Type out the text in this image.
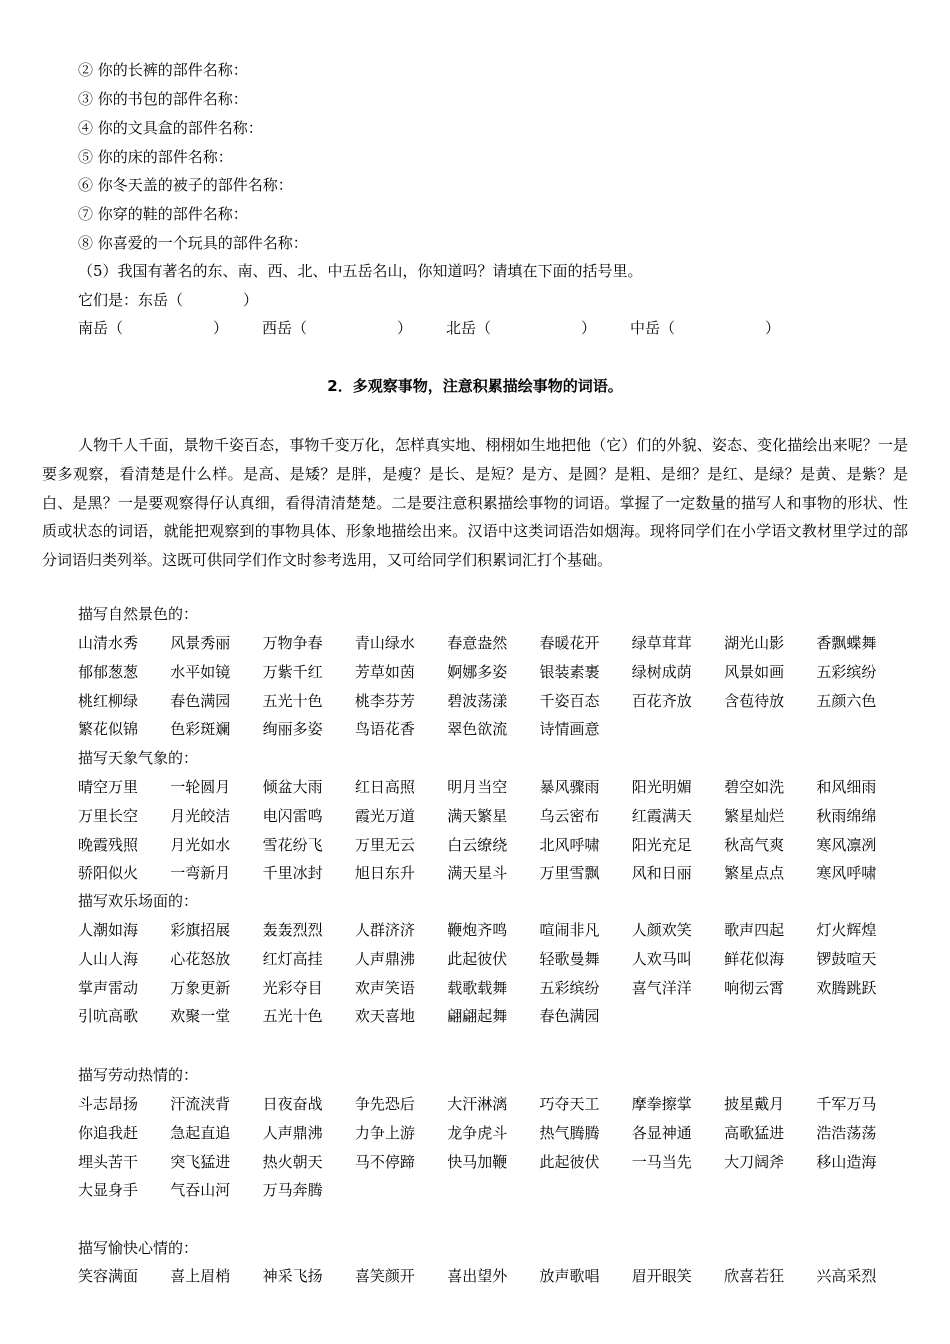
② 你的长裤的部件名称：
③ 你的书包的部件名称：
④ 你的文具盒的部件名称：
⑤ 你的床的部件名称：
⑥ 你冬天盖的被子的部件名称：
⑦ 你穿的鞋的部件名称：
⑧ 你喜爱的一个玩具的部件名称：
（5）我国有著名的东、南、西、北、中五岳名山，你知道吗？请填在下面的括号里。
它们是：东岳（　　　　）
南岳（　　　　　　） 西岳（　　　　　　） 北岳（　　　　　　） 中岳（　　　　　　）
2．多观察事物，注意积累描绘事物的词语。

人物千人千面，景物千姿百态，事物千变万化，怎样真实地、栩栩如生地把他（它）们的外貌、姿态、变化描绘出来呢？一是要多观察，看清楚是什么样。是高、是矮？是胖，是瘦？是长、是短？是方、是圆？是粗、是细？是红、是绿？是黄、是紫？是白、是黑？一是要观察得仔认真细，看得清清楚楚。二是要注意积累描绘事物的词语。掌握了一定数量的描写人和事物的形状、性质或状态的词语，就能把观察到的事物具体、形象地描绘出来。汉语中这类词语浩如烟海。现将同学们在小学语文教材里学过的部分词语归类列举。这既可供同学们作文时参考选用，又可给同学们积累词汇打个基础。

描写自然景色的：
山清水秀 风景秀丽 万物争春 青山绿水 春意盎然 春暖花开 绿草茸茸 湖光山影 香飘蝶舞
郁郁葱葱 水平如镜 万紫千红 芳草如茵 婀娜多姿 银装素裹 绿树成荫 风景如画 五彩缤纷
桃红柳绿 春色满园 五光十色 桃李芬芳 碧波荡漾 千姿百态 百花齐放 含苞待放 五颜六色
繁花似锦 色彩斑斓 绚丽多姿 鸟语花香 翠色欲流 诗情画意
描写天象气象的：
晴空万里 一轮圆月 倾盆大雨 红日高照 明月当空 暴风骤雨 阳光明媚 碧空如洗 和风细雨
万里长空 月光皎洁 电闪雷鸣 霞光万道 满天繁星 乌云密布 红霞满天 繁星灿烂 秋雨绵绵
晚霞残照 月光如水 雪花纷飞 万里无云 白云缭绕 北风呼啸 阳光充足 秋高气爽 寒风凛冽
骄阳似火 一弯新月 千里冰封 旭日东升 满天星斗 万里雪飘 风和日丽 繁星点点 寒风呼啸
描写欢乐场面的：
人潮如海 彩旗招展 轰轰烈烈 人群济济 鞭炮齐鸣 喧闹非凡 人颜欢笑 歌声四起 灯火辉煌
人山人海 心花怒放 红灯高挂 人声鼎沸 此起彼伏 轻歌曼舞 人欢马叫 鲜花似海 锣鼓喧天
掌声雷动 万象更新 光彩夺目 欢声笑语 载歌载舞 五彩缤纷 喜气洋洋 响彻云霄 欢腾跳跃
引吭高歌 欢聚一堂 五光十色 欢天喜地 翩翩起舞 春色满园
描写劳动热情的：
斗志昂扬 汗流浃背 日夜奋战 争先恐后 大汗淋漓 巧夺天工 摩拳擦掌 披星戴月 千军万马
你追我赶 急起直追 人声鼎沸 力争上游 龙争虎斗 热气腾腾 各显神通 高歌猛进 浩浩荡荡
埋头苦干 突飞猛进 热火朝天 马不停蹄 快马加鞭 此起彼伏 一马当先 大刀阔斧 移山造海
大显身手 气吞山河 万马奔腾
描写愉快心情的：
笑容满面 喜上眉梢 神采飞扬 喜笑颜开 喜出望外 放声歌唱 眉开眼笑 欣喜若狂 兴高采烈
